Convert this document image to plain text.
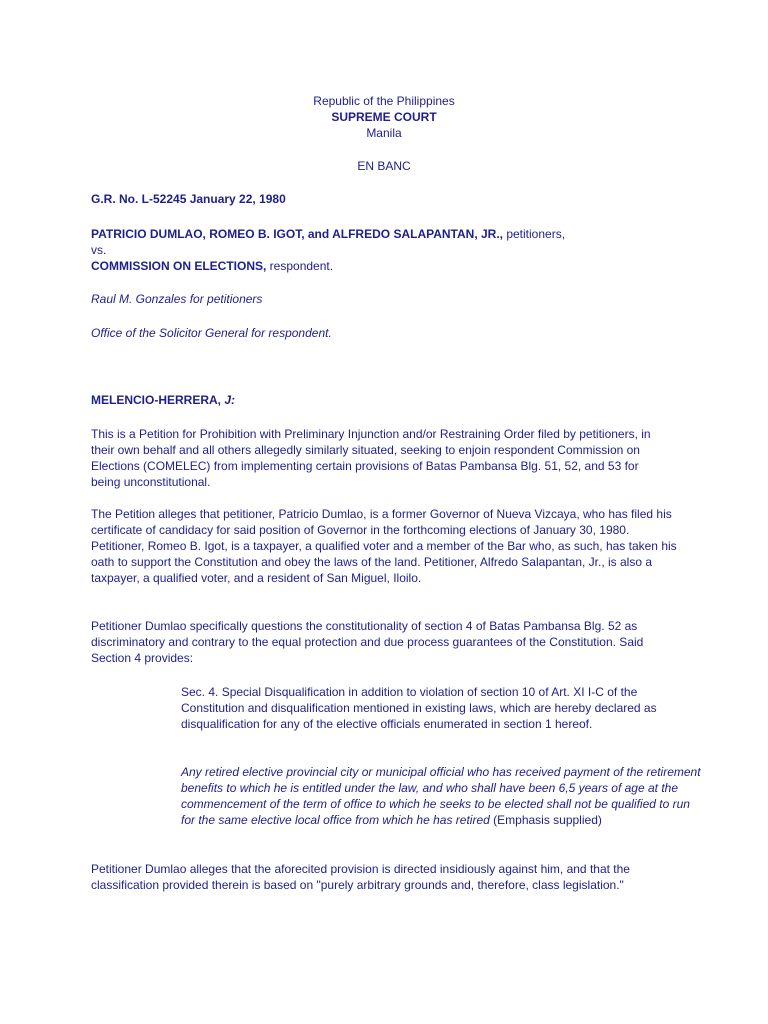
Republic of the Philippines

SUPREME COURT

Manila

EN BANC

G.R. No. L-52245 January 22, 1980

PATRICIO DUMLAO, ROMEO B. IGOT, and ALFREDO SALAPANTAN, JR., petitioners,

vs.

COMMISSION ON ELECTIONS, respondent.

Raul M. Gonzales for petitioners

Office of the Solicitor General for respondent.

MELENCIO-HERRERA, J:

This is a Petition for Prohibition with Preliminary Injunction and/or Restraining Order filed by petitioners, in their own behalf and all others allegedly similarly situated, seeking to enjoin respondent Commission on Elections (COMELEC) from implementing certain provisions of Batas Pambansa Blg. 51, 52, and 53 for being unconstitutional.

The Petition alleges that petitioner, Patricio Dumlao, is a former Governor of Nueva Vizcaya, who has filed his certificate of candidacy for said position of Governor in the forthcoming elections of January 30, 1980. Petitioner, Romeo B. Igot, is a taxpayer, a qualified voter and a member of the Bar who, as such, has taken his oath to support the Constitution and obey the laws of the land. Petitioner, Alfredo Salapantan, Jr., is also a taxpayer, a qualified voter, and a resident of San Miguel, Iloilo.

Petitioner Dumlao specifically questions the constitutionality of section 4 of Batas Pambansa Blg. 52 as discriminatory and contrary to the equal protection and due process guarantees of the Constitution. Said Section 4 provides:

Sec. 4. Special Disqualification in addition to violation of section 10 of Art. XI I-C of the Constitution and disqualification mentioned in existing laws, which are hereby declared as disqualification for any of the elective officials enumerated in section 1 hereof.

Any retired elective provincial city or municipal official who has received payment of the retirement benefits to which he is entitled under the law, and who shall have been 6,5 years of age at the commencement of the term of office to which he seeks to be elected shall not be qualified to run for the same elective local office from which he has retired (Emphasis supplied)

Petitioner Dumlao alleges that the aforecited provision is directed insidiously against him, and that the classification provided therein is based on "purely arbitrary grounds and, therefore, class legislation."
